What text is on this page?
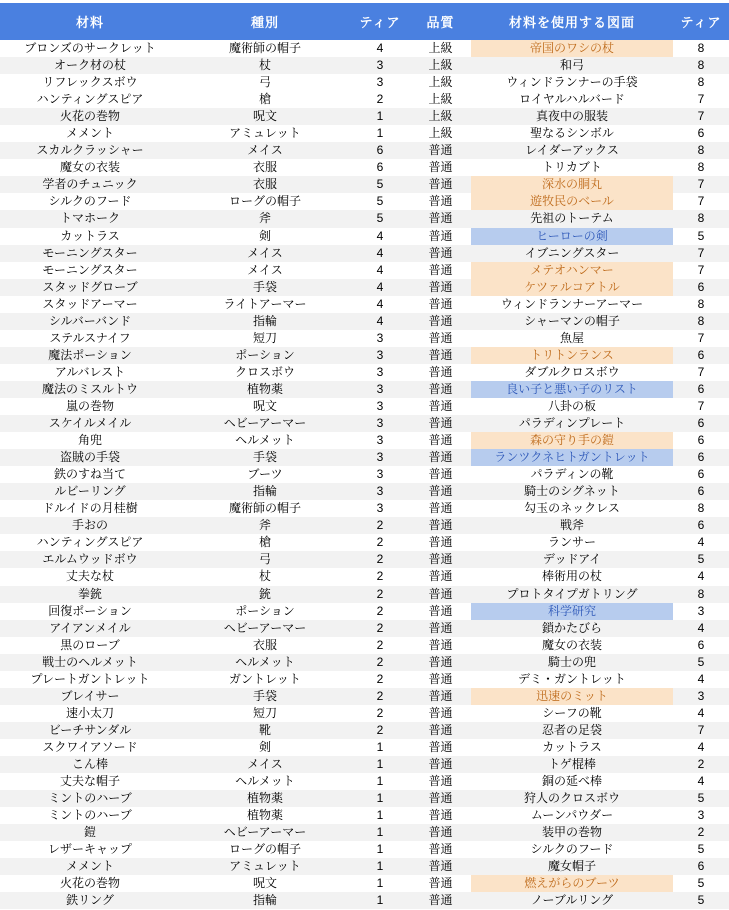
材料	種別	ティア	品質	材料を使用する図面	ティア
ブロンズのサークレット	魔術師の帽子	4	上級	帝国のワシの杖	8
オーク材の杖	杖	3	上級	和弓	8
リフレックスボウ	弓	3	上級	ウィンドランナーの手袋	8
ハンティングスピア	槍	2	上級	ロイヤルハルバード	7
火花の巻物	呪文	1	上級	真夜中の服装	7
メメント	アミュレット	1	上級	聖なるシンボル	6
スカルクラッシャー	メイス	6	普通	レイダーアックス	8
魔女の衣装	衣服	6	普通	トリカブト	8
学者のチュニック	衣服	5	普通	深水の胴丸	7
シルクのフード	ローグの帽子	5	普通	遊牧民のベール	7
トマホーク	斧	5	普通	先祖のトーテム	8
カットラス	剣	4	普通	ヒーローの剣	5
モーニングスター	メイス	4	普通	イブニングスター	7
モーニングスター	メイス	4	普通	メテオハンマー	7
スタッドグローブ	手袋	4	普通	ケツァルコアトル	6
スタッドアーマー	ライトアーマー	4	普通	ウィンドランナーアーマー	8
シルバーバンド	指輪	4	普通	シャーマンの帽子	8
ステルスナイフ	短刀	3	普通	魚屋	7
魔法ポーション	ポーション	3	普通	トリトンランス	6
アルバレスト	クロスボウ	3	普通	ダブルクロスボウ	7
魔法のミスルトウ	植物薬	3	普通	良い子と悪い子のリスト	6
嵐の巻物	呪文	3	普通	八卦の板	7
スケイルメイル	ヘビーアーマー	3	普通	パラディンプレート	6
角兜	ヘルメット	3	普通	森の守り手の鎧	6
盗賊の手袋	手袋	3	普通	ランツクネヒトガントレット	6
鉄のすね当て	ブーツ	3	普通	パラディンの靴	6
ルビーリング	指輪	3	普通	騎士のシグネット	6
ドルイドの月桂樹	魔術師の帽子	3	普通	勾玉のネックレス	8
手おの	斧	2	普通	戦斧	6
ハンティングスピア	槍	2	普通	ランサー	4
エルムウッドボウ	弓	2	普通	デッドアイ	5
丈夫な杖	杖	2	普通	棒術用の杖	4
拳銃	銃	2	普通	プロトタイプガトリング	8
回復ポーション	ポーション	2	普通	科学研究	3
アイアンメイル	ヘビーアーマー	2	普通	鎖かたびら	4
黒のローブ	衣服	2	普通	魔女の衣装	6
戦士のヘルメット	ヘルメット	2	普通	騎士の兜	5
プレートガントレット	ガントレット	2	普通	デミ・ガントレット	4
ブレイサー	手袋	2	普通	迅速のミット	3
速小太刀	短刀	2	普通	シーフの靴	4
ビーチサンダル	靴	2	普通	忍者の足袋	7
スクワイアソード	剣	1	普通	カットラス	4
こん棒	メイス	1	普通	トゲ棍棒	2
丈夫な帽子	ヘルメット	1	普通	銅の延べ棒	4
ミントのハーブ	植物薬	1	普通	狩人のクロスボウ	5
ミントのハーブ	植物薬	1	普通	ムーンパウダー	3
鎧	ヘビーアーマー	1	普通	装甲の巻物	2
レザーキャップ	ローグの帽子	1	普通	シルクのフード	5
メメント	アミュレット	1	普通	魔女帽子	6
火花の巻物	呪文	1	普通	燃えがらのブーツ	5
鉄リング	指輪	1	普通	ノーブルリング	5
